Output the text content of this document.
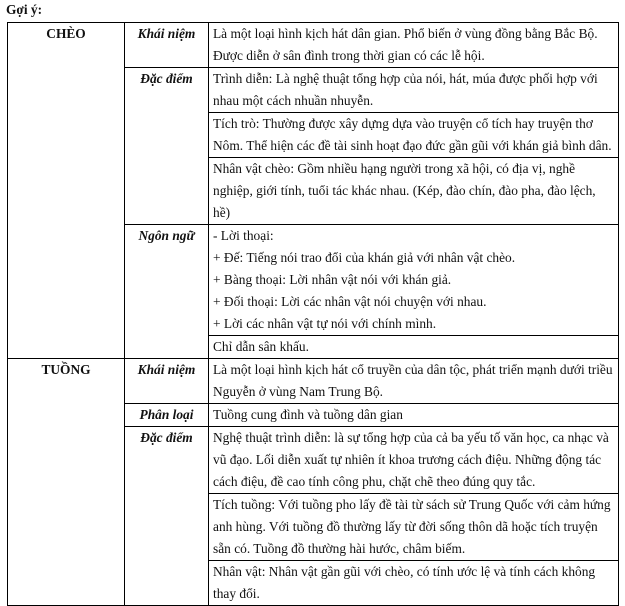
Gợi ý:
CHÈO	Khái niệm	Là một loại hình kịch hát dân gian. Phổ biến ở vùng đồng bằng Bắc Bộ. Được diễn ở sân đình trong thời gian có các lễ hội.
	Đặc điểm	Trình diễn: Là nghệ thuật tổng hợp của nói, hát, múa được phối hợp với nhau một cách nhuần nhuyễn.
		Tích trò: Thường được xây dựng dựa vào truyện cổ tích hay truyện thơ Nôm. Thể hiện các đề tài sinh hoạt đạo đức gần gũi với khán giả bình dân.
		Nhân vật chèo: Gồm nhiều hạng người trong xã hội, có địa vị, nghề nghiệp, giới tính, tuổi tác khác nhau. (Kép, đào chín, đào pha, đào lệch, hề)
	Ngôn ngữ	- Lời thoại:
+ Đế: Tiếng nói trao đổi của khán giả với nhân vật chèo.
+ Bàng thoại: Lời nhân vật nói với khán giả.
+ Đối thoại: Lời các nhân vật nói chuyện với nhau.
+ Lời các nhân vật tự nói với chính mình.

		Chỉ dẫn sân khấu.
TUỒNG	Khái niệm	Là một loại hình kịch hát cổ truyền của dân tộc, phát triển mạnh dưới triều Nguyễn ở vùng Nam Trung Bộ.
	Phân loại	Tuồng cung đình và tuồng dân gian
	Đặc điểm	Nghệ thuật trình diễn: là sự tổng hợp của cả ba yếu tố văn học, ca nhạc và vũ đạo. Lối diễn xuất tự nhiên ít khoa trương cách điệu. Những động tác cách điệu, đề cao tính công phu, chặt chẽ theo đúng quy tắc.
		Tích tuồng: Với tuồng pho lấy đề tài từ sách sử Trung Quốc với cảm hứng anh hùng. Với tuồng đồ thường lấy từ đời sống thôn dã hoặc tích truyện sẵn có. Tuồng đồ thường hài hước, châm biếm.
		Nhân vật: Nhân vật gần gũi với chèo, có tính ước lệ và tính cách không thay đổi.
